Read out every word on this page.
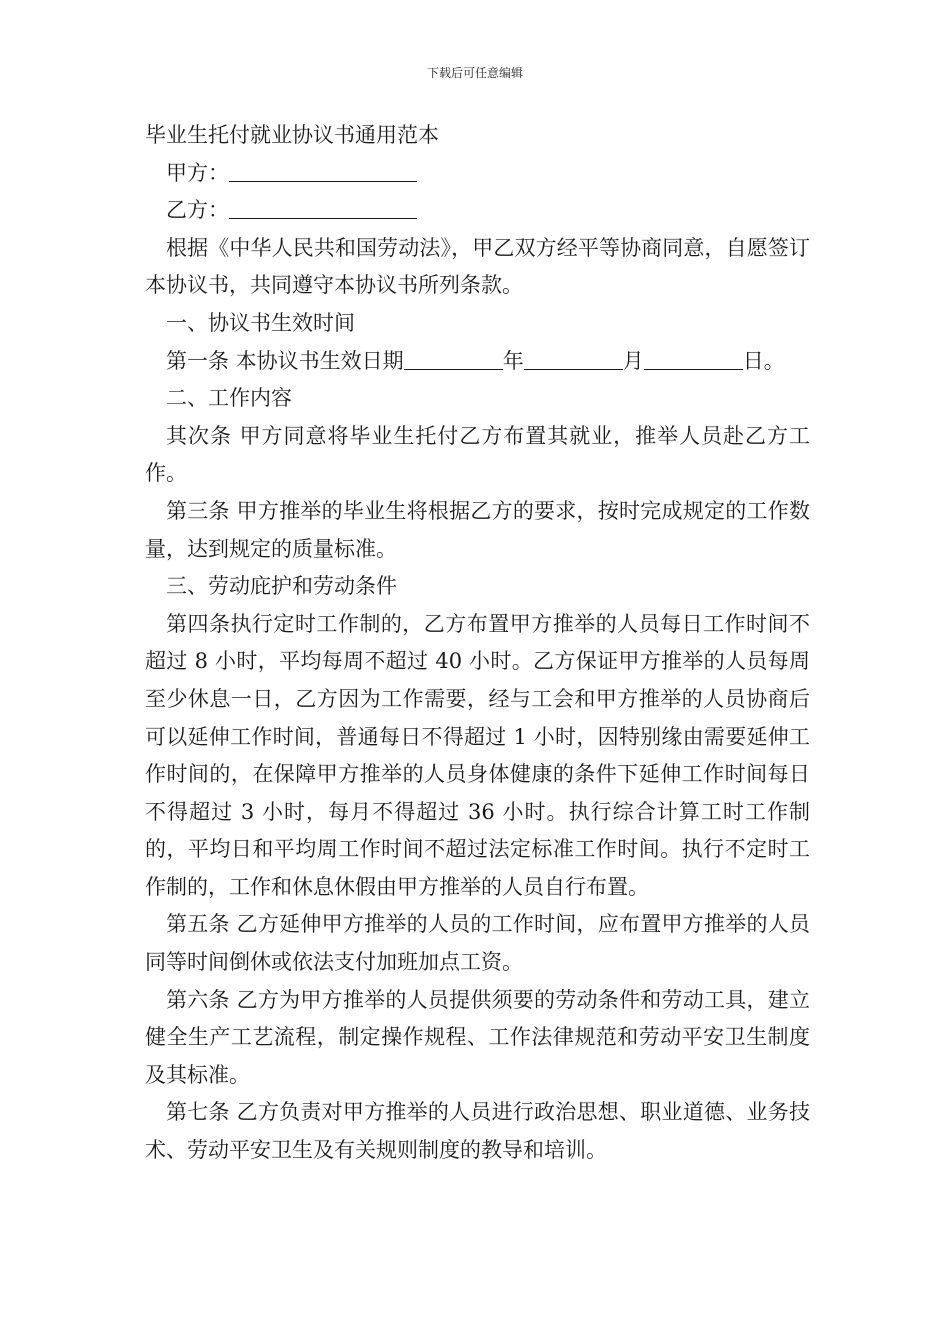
下载后可任意编辑
毕业生托付就业协议书通用范本
甲方：
乙方：
根据《中华人民共和国劳动法》，甲乙双方经平等协商同意，自愿签订本协议书，共同遵守本协议书所列条款。
一、协议书生效时间
第一条 本协议书生效日期	年	月	日。
二、工作内容
其次条 甲方同意将毕业生托付乙方布置其就业，推举人员赴乙方工作。
第三条 甲方推举的毕业生将根据乙方的要求，按时完成规定的工作数量，达到规定的质量标准。
三、劳动庇护和劳动条件
第四条执行定时工作制的，乙方布置甲方推举的人员每日工作时间不超过 8 小时，平均每周不超过 40 小时。乙方保证甲方推举的人员每周至少休息一日，乙方因为工作需要，经与工会和甲方推举的人员协商后可以延伸工作时间，普通每日不得超过 1 小时，因特别缘由需要延伸工作时间的，在保障甲方推举的人员身体健康的条件下延伸工作时间每日不得超过 3 小时，每月不得超过 36 小时。执行综合计算工时工作制的，平均日和平均周工作时间不超过法定标准工作时间。执行不定时工作制的，工作和休息休假由甲方推举的人员自行布置。
第五条 乙方延伸甲方推举的人员的工作时间，应布置甲方推举的人员同等时间倒休或依法支付加班加点工资。
第六条 乙方为甲方推举的人员提供须要的劳动条件和劳动工具，建立健全生产工艺流程，制定操作规程、工作法律规范和劳动平安卫生制度及其标准。
第七条 乙方负责对甲方推举的人员进行政治思想、职业道德、业务技术、劳动平安卫生及有关规则制度的教导和培训。
